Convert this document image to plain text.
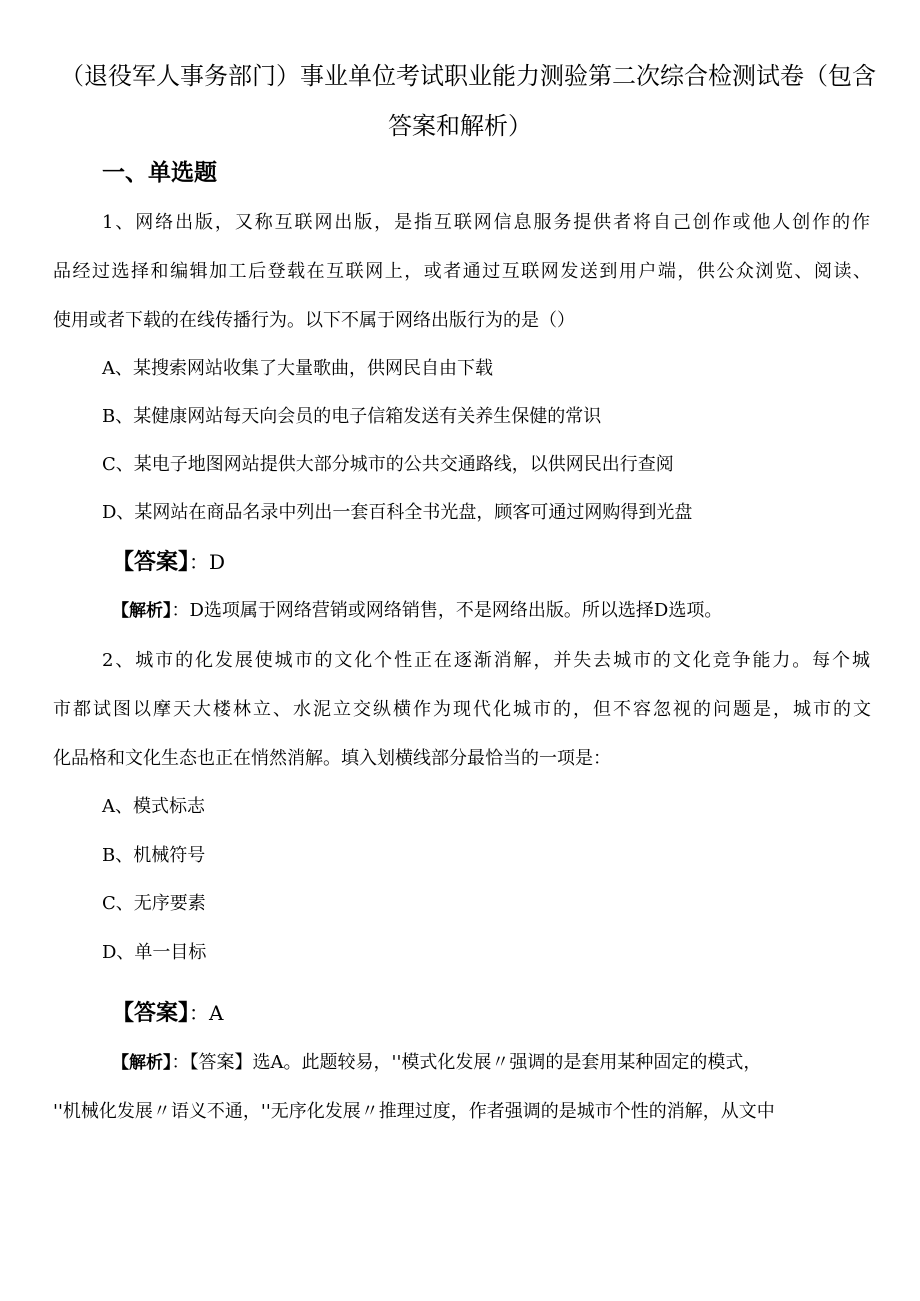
（退役军人事务部门）事业单位考试职业能力测验第二次综合检测试卷（包含
答案和解析）
一、单选题
1、网络出版，又称互联网出版，是指互联网信息服务提供者将自己创作或他人创作的作
品经过选择和编辑加工后登载在互联网上，或者通过互联网发送到用户端，供公众浏览、阅读、
使用或者下载的在线传播行为。以下不属于网络出版行为的是（）
A、某搜索网站收集了大量歌曲，供网民自由下载
B、某健康网站每天向会员的电子信箱发送有关养生保健的常识
C、某电子地图网站提供大部分城市的公共交通路线，以供网民出行查阅
D、某网站在商品名录中列出一套百科全书光盘，顾客可通过网购得到光盘
【答案】：D
【解析】：D选项属于网络营销或网络销售，不是网络出版。所以选择D选项。
2、城市的化发展使城市的文化个性正在逐渐消解，并失去城市的文化竞争能力。每个城
市都试图以摩天大楼林立、水泥立交纵横作为现代化城市的，但不容忽视的问题是，城市的文
化品格和文化生态也正在悄然消解。填入划横线部分最恰当的一项是：
A、模式标志
B、机械符号
C、无序要素
D、单一目标
【答案】：A
【解析】：【答案】选A。此题较易，''模式化发展〃强调的是套用某种固定的模式，
''机械化发展〃语义不通，''无序化发展〃推理过度，作者强调的是城市个性的消解，从文中
